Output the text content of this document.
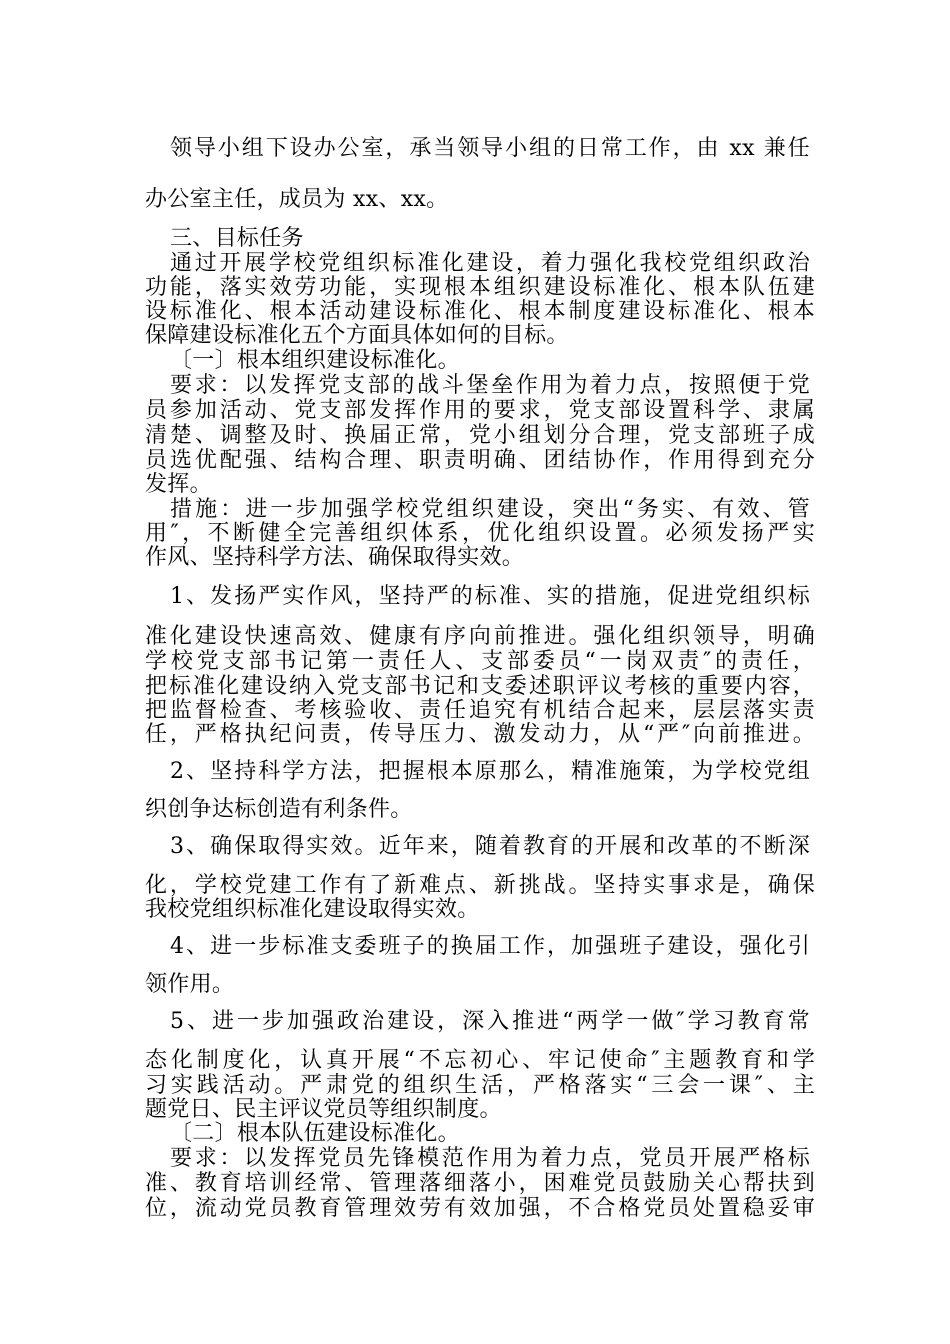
领导小组下设办公室，承当领导小组的日常工作，由 xx 兼任
办公室主任，成员为 xx、xx。
三、目标任务
通过开展学校党组织标准化建设，着力强化我校党组织政治
功能，落实效劳功能，实现根本组织建设标准化、根本队伍建
设标准化、根本活动建设标准化、根本制度建设标准化、根本
保障建设标准化五个方面具体如何的目标。
〔一〕根本组织建设标准化。
要求：以发挥党支部的战斗堡垒作用为着力点，按照便于党
员参加活动、党支部发挥作用的要求，党支部设置科学、隶属
清楚、调整及时、换届正常，党小组划分合理，党支部班子成
员选优配强、结构合理、职责明确、团结协作，作用得到充分
发挥。
措施：进一步加强学校党组织建设，突出“务实、有效、管
用″，不断健全完善组织体系，优化组织设置。必须发扬严实
作风、坚持科学方法、确保取得实效。
1、发扬严实作风，坚持严的标准、实的措施，促进党组织标
准化建设快速高效、健康有序向前推进。强化组织领导，明确
学校党支部书记第一责任人、支部委员“一岗双责″的责任，
把标准化建设纳入党支部书记和支委述职评议考核的重要内容，
把监督检查、考核验收、责任追究有机结合起来，层层落实责
任，严格执纪问责，传导压力、激发动力，从“严″向前推进。
2、坚持科学方法，把握根本原那么，精准施策，为学校党组
织创争达标创造有利条件。
3、确保取得实效。近年来，随着教育的开展和改革的不断深
化，学校党建工作有了新难点、新挑战。坚持实事求是，确保
我校党组织标准化建设取得实效。
4、进一步标准支委班子的换届工作，加强班子建设，强化引
领作用。
5、进一步加强政治建设，深入推进“两学一做″学习教育常
态化制度化，认真开展“不忘初心、牢记使命″主题教育和学
习实践活动。严肃党的组织生活，严格落实“三会一课″、主
题党日、民主评议党员等组织制度。
〔二〕根本队伍建设标准化。
要求：以发挥党员先锋模范作用为着力点，党员开展严格标
准、教育培训经常、管理落细落小，困难党员鼓励关心帮扶到
位，流动党员教育管理效劳有效加强，不合格党员处置稳妥审
